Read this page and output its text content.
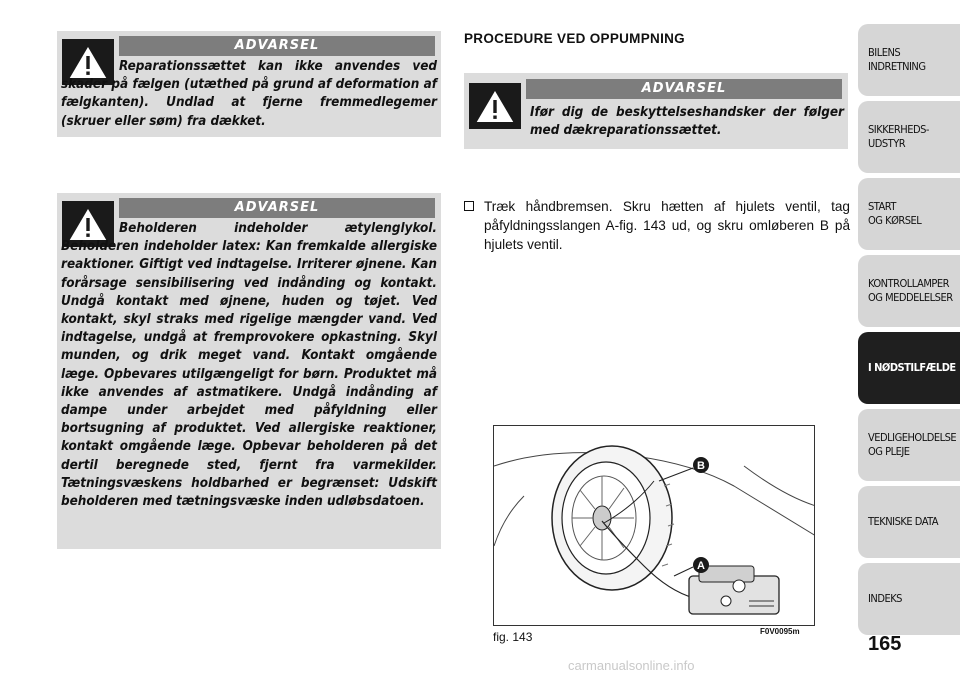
ADVARSEL
Reparationssættet kan ikke anvendes ved skader på fælgen (utæthed på grund af deformation af fælgkanten). Undlad at fjerne fremmedlegemer (skruer eller søm) fra dækket.
ADVARSEL
Beholderen indeholder ætylenglykol. Beholderen indeholder latex: Kan fremkalde allergiske reaktioner. Giftigt ved indtagelse. Irriterer øjnene. Kan forårsage sensibilisering ved indånding og kontakt. Undgå kontakt med øjnene, huden og tøjet. Ved kontakt, skyl straks med rigelige mængder vand. Ved indtagelse, undgå at fremprovokere opkastning. Skyl munden, og drik meget vand. Kontakt omgående læge. Opbevares utilgængeligt for børn. Produktet må ikke anvendes af astmatikere. Undgå indånding af dampe under arbejdet med påfyldning eller bortsugning af produktet. Ved allergiske reaktioner, kontakt omgående læge. Opbevar beholderen på det dertil beregnede sted, fjernt fra varmekilder. Tætningsvæskens holdbarhed er begrænset: Udskift beholderen med tætningsvæske inden udløbsdatoen.
PROCEDURE VED OPPUMPNING
ADVARSEL
Ifør dig de beskyttelseshandsker der følger med dækreparationssættet.
Træk håndbremsen. Skru hætten af hjulets ventil, tag påfyldningsslangen A-fig. 143 ud, og skru omløberen B på hjulets ventil.
B
A
fig. 143	F0V0095m
BILENS
INDRETNING
SIKKERHEDS-
UDSTYR
START
OG KØRSEL
KONTROLLAMPER
OG MEDDELELSER
I NØDSTILFÆLDE
VEDLIGEHOLDELSE
OG PLEJE
TEKNISKE DATA
INDEKS
165
carmanualsonline.info
